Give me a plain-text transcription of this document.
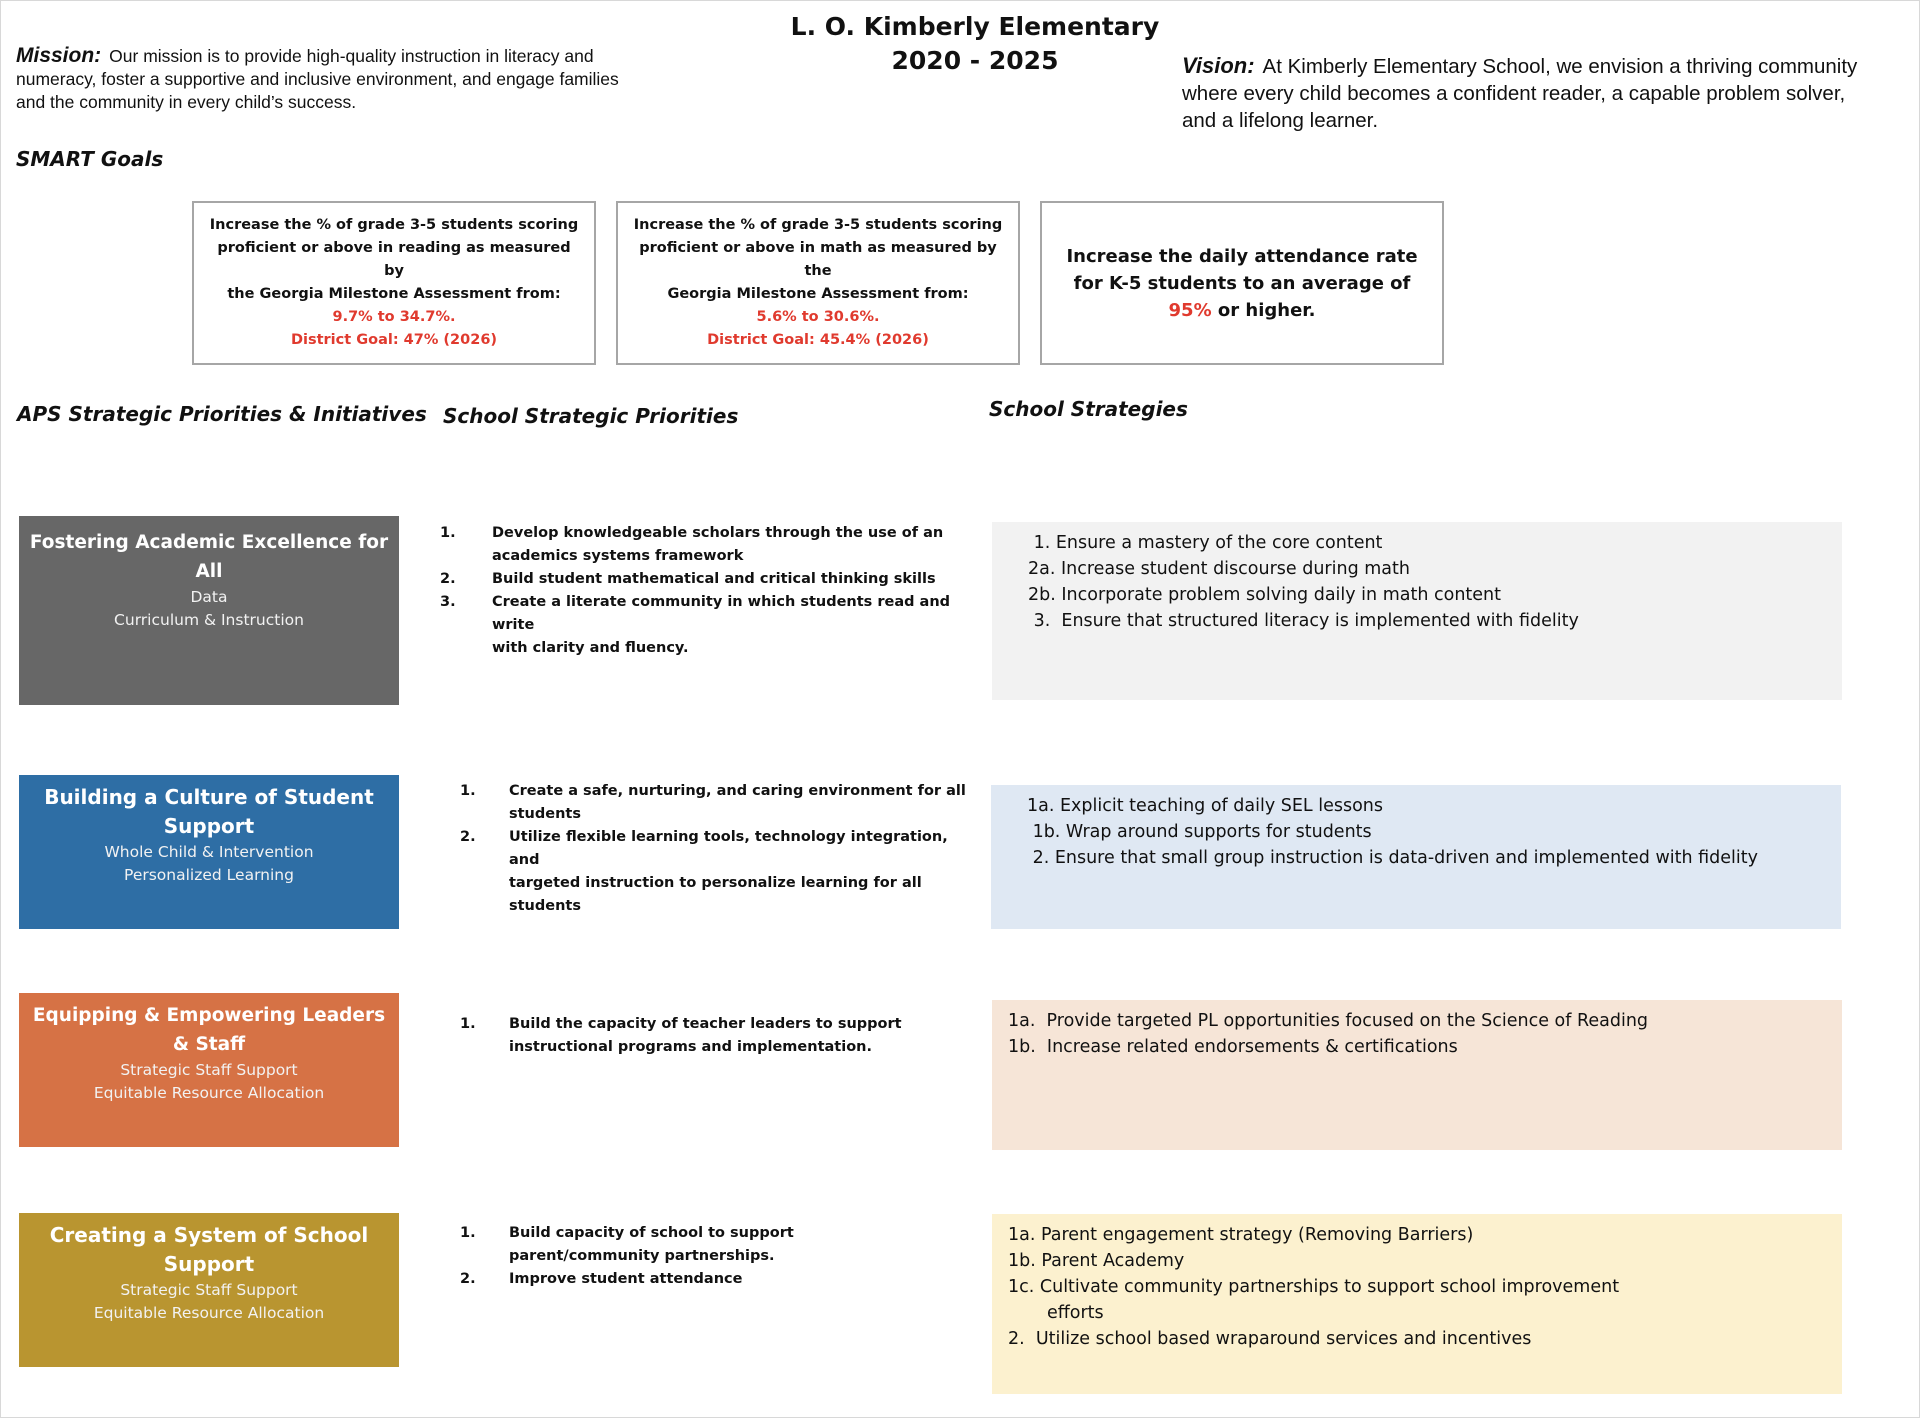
L. O. Kimberly Elementary
2020 - 2025
Mission: Our mission is to provide high-quality instruction in literacy and
numeracy, foster a supportive and inclusive environment, and engage families
and the community in every child’s success.
Vision: At Kimberly Elementary School, we envision a thriving community
where every child becomes a confident reader, a capable problem solver,
and a lifelong learner.
SMART Goals
Increase the % of grade 3-5 students scoring
proficient or above in reading as measured by
the Georgia Milestone Assessment from:
9.7% to 34.7%.
District Goal: 47% (2026)
Increase the % of grade 3-5 students scoring
proficient or above in math as measured by the
Georgia Milestone Assessment from:
5.6% to 30.6%.
District Goal: 45.4% (2026)
Increase the daily attendance rate for K-5 students to an average of 95% or higher.
APS Strategic Priorities & Initiatives School Strategic Priorities	School Strategies
Fostering Academic Excellence for All
Data
Curriculum & Instruction
1.	Develop knowledgeable scholars through the use of an
academics systems framework
2.	Build student mathematical and critical thinking skills
3.	Create a literate community in which students read and write
with clarity and fluency.
1. Ensure a mastery of the core content
2a. Increase student discourse during math
2b. Incorporate problem solving daily in math content
3.  Ensure that structured literacy is implemented with fidelity
Building a Culture of Student Support
Whole Child & Intervention
Personalized Learning
1.	Create a safe, nurturing, and caring environment for all
students
2.	Utilize flexible learning tools, technology integration, and
targeted instruction to personalize learning for all
students
1a. Explicit teaching of daily SEL lessons
1b. Wrap around supports for students
2. Ensure that small group instruction is data-driven and implemented with fidelity
Equipping & Empowering Leaders & Staff
Strategic Staff Support
Equitable Resource Allocation
1.	Build the capacity of teacher leaders to support
instructional programs and implementation.
1a.  Provide targeted PL opportunities focused on the Science of Reading
1b.  Increase related endorsements & certifications
Creating a System of School Support
Strategic Staff Support
Equitable Resource Allocation
1.	Build capacity of school to support
parent/community partnerships.
2.	Improve student attendance
1a. Parent engagement strategy (Removing Barriers)
1b. Parent Academy
1c. Cultivate community partnerships to support school improvement
efforts
2.  Utilize school based wraparound services and incentives
